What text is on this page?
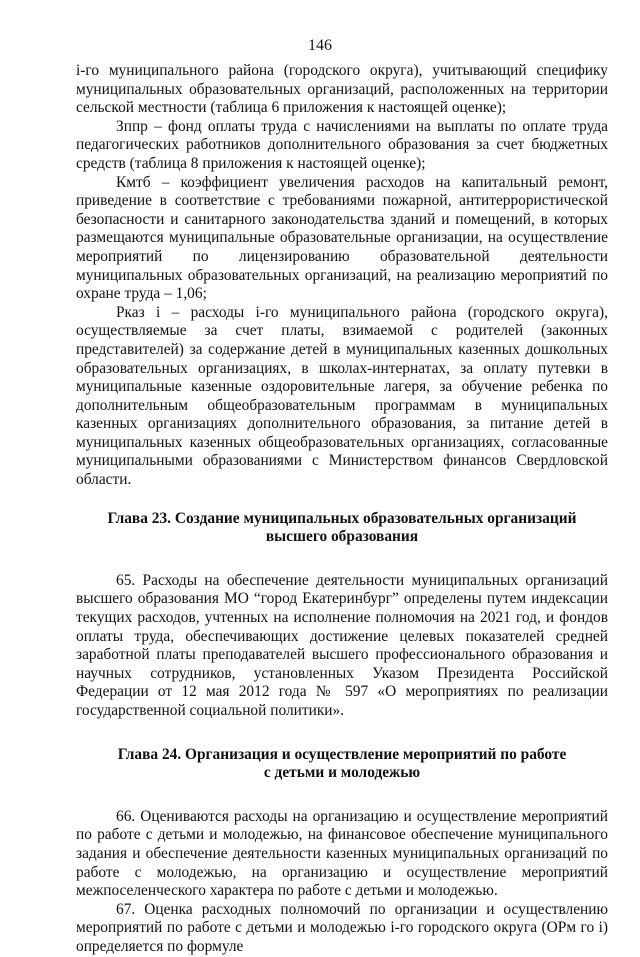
146

i-го муниципального района (городского округа), учитывающий специфику муниципальных образовательных организаций, расположенных на территории сельской местности (таблица 6 приложения к настоящей оценке);

Зппр – фонд оплаты труда с начислениями на выплаты по оплате труда педагогических работников дополнительного образования за счет бюджетных средств (таблица 8 приложения к настоящей оценке);

Кмтб – коэффициент увеличения расходов на капитальный ремонт, приведение в соответствие с требованиями пожарной, антитеррористической безопасности и санитарного законодательства зданий и помещений, в которых размещаются муниципальные образовательные организации, на осуществление мероприятий по лицензированию образовательной деятельности муниципальных образовательных организаций, на реализацию мероприятий по охране труда – 1,06;

Рказ i – расходы i-го муниципального района (городского округа), осуществляемые за счет платы, взимаемой с родителей (законных представителей) за содержание детей в муниципальных казенных дошкольных образовательных организациях, в школах-интернатах, за оплату путевки в муниципальные казенные оздоровительные лагеря, за обучение ребенка по дополнительным общеобразовательным программам в муниципальных казенных организациях дополнительного образования, за питание детей в муниципальных казенных общеобразовательных организациях, согласованные муниципальными образованиями с Министерством финансов Свердловской области.

Глава 23. Создание муниципальных образовательных организаций
высшего образования

65. Расходы на обеспечение деятельности муниципальных организаций высшего образования МО “город Екатеринбург” определены путем индексации текущих расходов, учтенных на исполнение полномочия на 2021 год, и фондов оплаты труда, обеспечивающих достижение целевых показателей средней заработной платы преподавателей высшего профессионального образования и научных сотрудников, установленных Указом Президента Российской Федерации от 12 мая 2012 года № 597 «О мероприятиях по реализации государственной социальной политики».

Глава 24. Организация и осуществление мероприятий по работе
с детьми и молодежью

66. Оцениваются расходы на организацию и осуществление мероприятий по работе с детьми и молодежью, на финансовое обеспечение муниципального задания и обеспечение деятельности казенных муниципальных организаций по работе с молодежью, на организацию и осуществление мероприятий межпоселенческого характера по работе с детьми и молодежью.

67. Оценка расходных полномочий по организации и осуществлению мероприятий по работе с детьми и молодежью i-го городского округа (ОРм го i) определяется по формуле
